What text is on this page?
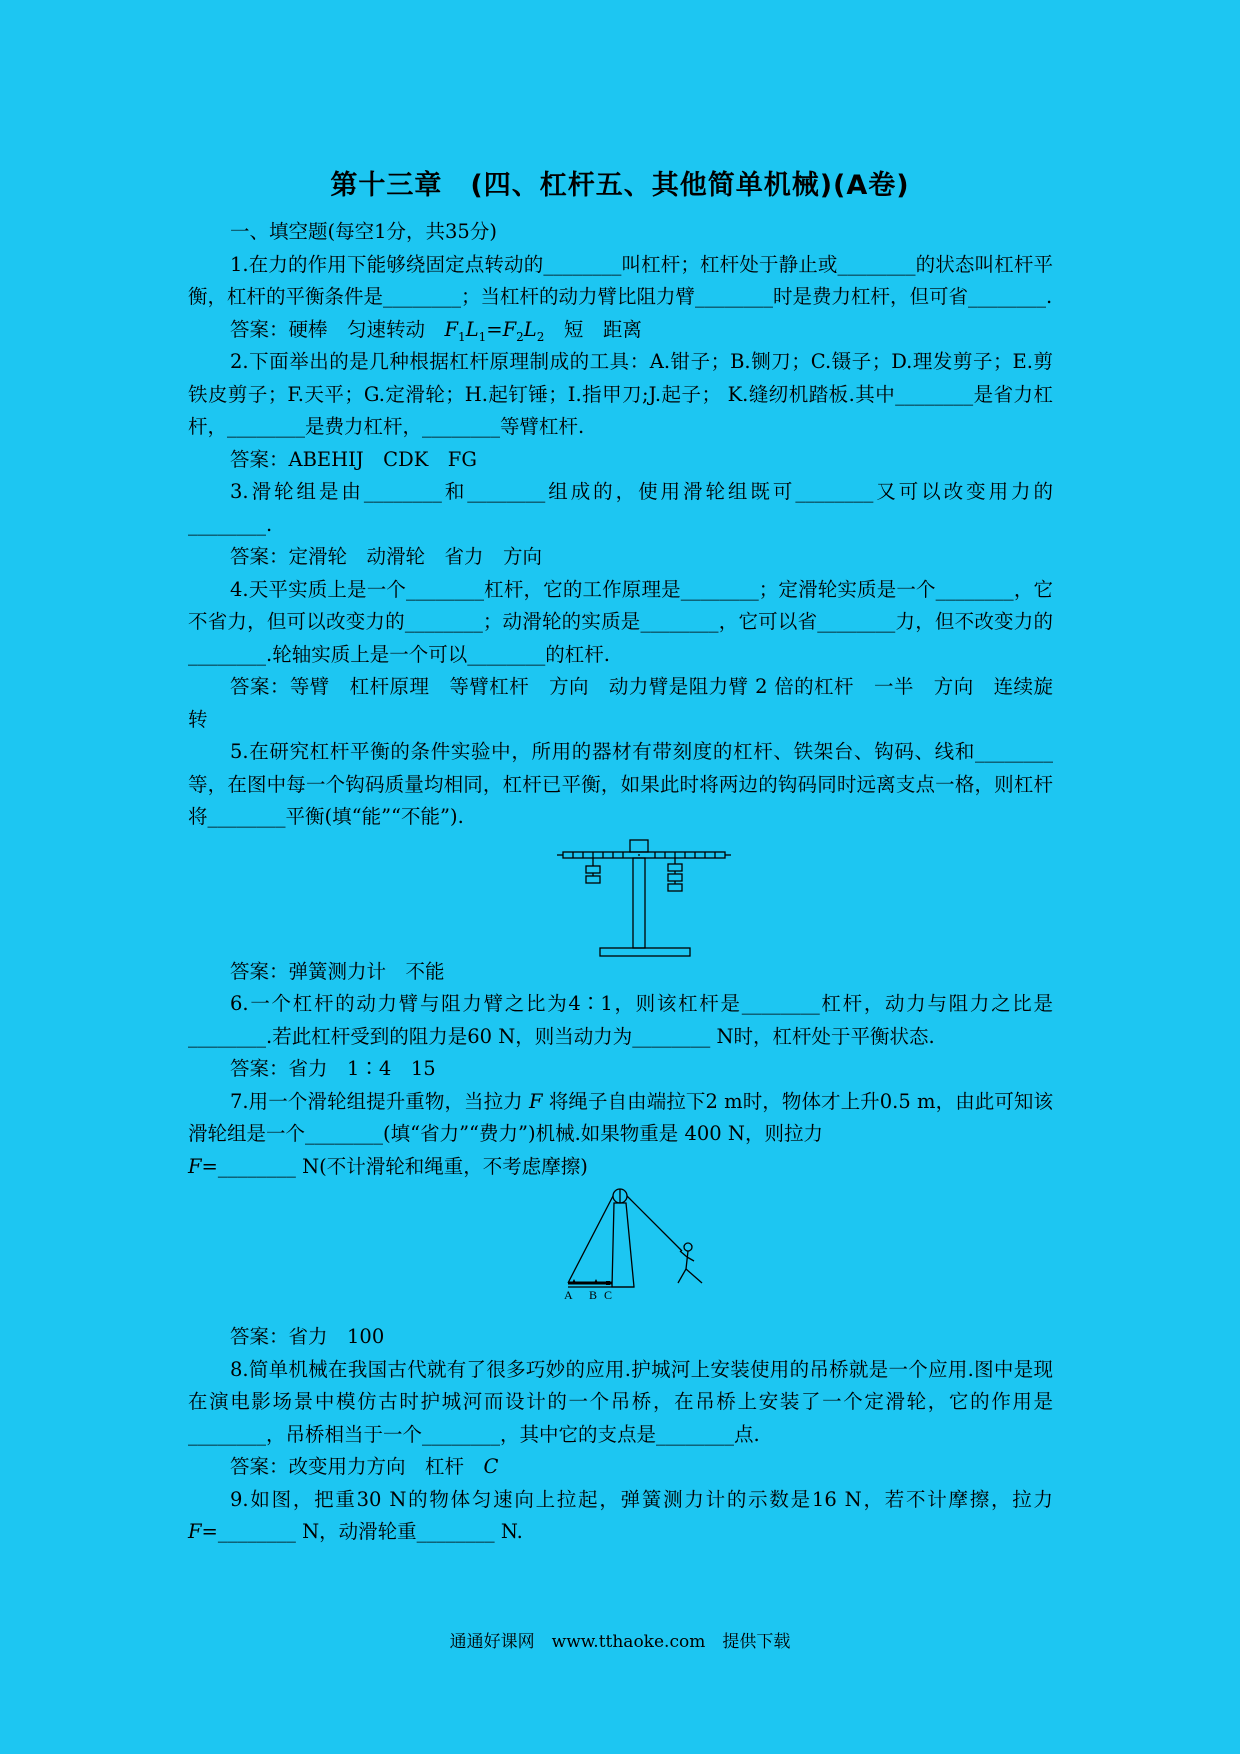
第十三章　(四、杠杆五、其他简单机械)(A卷)

一、填空题(每空1分，共35分)

1.在力的作用下能够绕固定点转动的________叫杠杆；杠杆处于静止或________的状态叫杠杆平衡，杠杆的平衡条件是________；当杠杆的动力臂比阻力臂________时是费力杠杆，但可省________.

答案：硬棒　匀速转动　$F_1L_1=F_2L_2$　短　距离

2.下面举出的是几种根据杠杆原理制成的工具：A.钳子；B.铡刀；C.镊子；D.理发剪子；E.剪铁皮剪子；F.天平；G.定滑轮；H.起钉锤；I.指甲刀;J.起子； K.缝纫机踏板.其中________是省力杠杆，________是费力杠杆，________等臂杠杆.

答案：ABEHIJ　CDK　FG

3.滑轮组是由________和________组成的，使用滑轮组既可________又可以改变用力的________.

答案：定滑轮　动滑轮　省力　方向

4.天平实质上是一个________杠杆，它的工作原理是________；定滑轮实质是一个________，它不省力，但可以改变力的________；动滑轮的实质是________，它可以省________力，但不改变力的________.轮轴实质上是一个可以________的杠杆.

答案：等臂　杠杆原理　等臂杠杆　方向　动力臂是阻力臂 2 倍的杠杆　一半　方向　连续旋转

5.在研究杠杆平衡的条件实验中，所用的器材有带刻度的杠杆、铁架台、钩码、线和________等，在图中每一个钩码质量均相同，杠杆已平衡，如果此时将两边的钩码同时远离支点一格，则杠杆将________平衡(填“能”“不能”).

答案：弹簧测力计　不能

6.一个杠杆的动力臂与阻力臂之比为4∶1，则该杠杆是________杠杆，动力与阻力之比是________.若此杠杆受到的阻力是60 N，则当动力为________ N时，杠杆处于平衡状态.

答案：省力　1∶4　15

7.用一个滑轮组提升重物，当拉力 F 将绳子自由端拉下2 m时，物体才上升0.5 m，由此可知该滑轮组是一个________(填“省力”“费力”)机械.如果物重是 400 N，则拉力
F=________ N(不计滑轮和绳重，不考虑摩擦)

A B C

答案：省力　100

8.简单机械在我国古代就有了很多巧妙的应用.护城河上安装使用的吊桥就是一个应用.图中是现在演电影场景中模仿古时护城河而设计的一个吊桥，在吊桥上安装了一个定滑轮，它的作用是________，吊桥相当于一个________，其中它的支点是________点.

答案：改变用力方向　杠杆　C

9.如图，把重30 N的物体匀速向上拉起，弹簧测力计的示数是16 N，若不计摩擦，拉力F=________ N，动滑轮重________ N.

通通好课网　www.tthaoke.com　提供下载
